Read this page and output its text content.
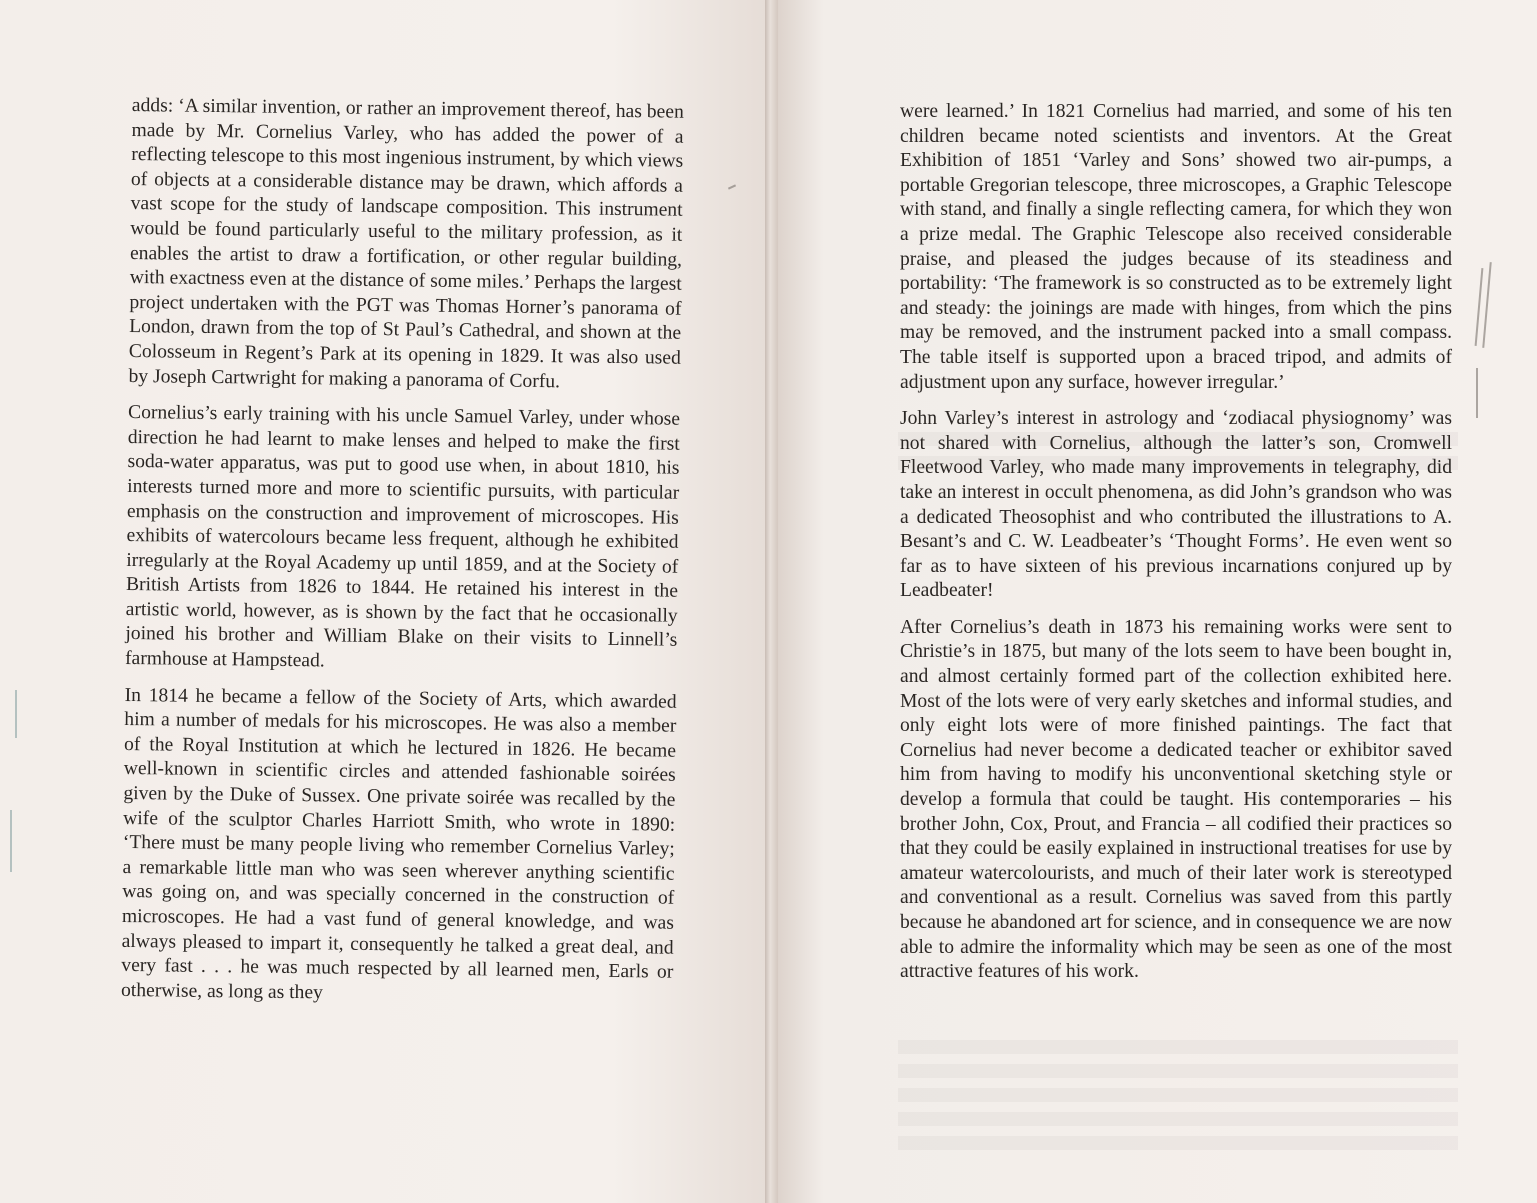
adds: ‘A similar invention, or rather an improvement thereof, has been made by Mr. Cornelius Varley, who has added the power of a reflecting telescope to this most ingenious instrument, by which views of objects at a considerable distance may be drawn, which affords a vast scope for the study of landscape composition. This instrument would be found particularly useful to the military profession, as it enables the artist to draw a fortification, or other regular building, with exactness even at the distance of some miles.’ Perhaps the largest project undertaken with the PGT was Thomas Horner’s panorama of London, drawn from the top of St Paul’s Cathedral, and shown at the Colosseum in Regent’s Park at its opening in 1829. It was also used by Joseph Cartwright for making a panorama of Corfu.

Cornelius’s early training with his uncle Samuel Varley, under whose direction he had learnt to make lenses and helped to make the first soda-water apparatus, was put to good use when, in about 1810, his interests turned more and more to scientific pursuits, with particular emphasis on the construction and improvement of microscopes. His exhibits of watercolours became less frequent, although he exhibited irregularly at the Royal Academy up until 1859, and at the Society of British Artists from 1826 to 1844. He retained his interest in the artistic world, however, as is shown by the fact that he occasionally joined his brother and William Blake on their visits to Linnell’s farmhouse at Hampstead.

In 1814 he became a fellow of the Society of Arts, which awarded him a number of medals for his microscopes. He was also a member of the Royal Institution at which he lectured in 1826. He became well-known in scientific circles and attended fashionable soirées given by the Duke of Sussex. One private soirée was recalled by the wife of the sculptor Charles Harriott Smith, who wrote in 1890: ‘There must be many people living who remember Cornelius Varley; a remarkable little man who was seen wherever anything scientific was going on, and was specially concerned in the construction of microscopes. He had a vast fund of general knowledge, and was always pleased to impart it, consequently he talked a great deal, and very fast . . . he was much respected by all learned men, Earls or otherwise, as long as they

were learned.’ In 1821 Cornelius had married, and some of his ten children became noted scientists and inventors. At the Great Exhibition of 1851 ‘Varley and Sons’ showed two air-pumps, a portable Gregorian telescope, three microscopes, a Graphic Telescope with stand, and finally a single reflecting camera, for which they won a prize medal. The Graphic Telescope also received considerable praise, and pleased the judges because of its steadiness and portability: ‘The framework is so constructed as to be extremely light and steady: the joinings are made with hinges, from which the pins may be removed, and the instrument packed into a small compass. The table itself is supported upon a braced tripod, and admits of adjustment upon any surface, however irregular.’

John Varley’s interest in astrology and ‘zodiacal physiognomy’ was not shared with Cornelius, although the latter’s son, Cromwell Fleetwood Varley, who made many improvements in telegraphy, did take an interest in occult phenomena, as did John’s grandson who was a dedicated Theosophist and who contributed the illustrations to A. Besant’s and C. W. Leadbeater’s ‘Thought Forms’. He even went so far as to have sixteen of his previous incarnations conjured up by Leadbeater!

After Cornelius’s death in 1873 his remaining works were sent to Christie’s in 1875, but many of the lots seem to have been bought in, and almost certainly formed part of the collection exhibited here. Most of the lots were of very early sketches and informal studies, and only eight lots were of more finished paintings. The fact that Cornelius had never become a dedicated teacher or exhibitor saved him from having to modify his unconventional sketching style or develop a formula that could be taught. His contemporaries – his brother John, Cox, Prout, and Francia – all codified their practices so that they could be easily explained in instructional treatises for use by amateur watercolourists, and much of their later work is stereotyped and conventional as a result. Cornelius was saved from this partly because he abandoned art for science, and in consequence we are now able to admire the informality which may be seen as one of the most attractive features of his work.
